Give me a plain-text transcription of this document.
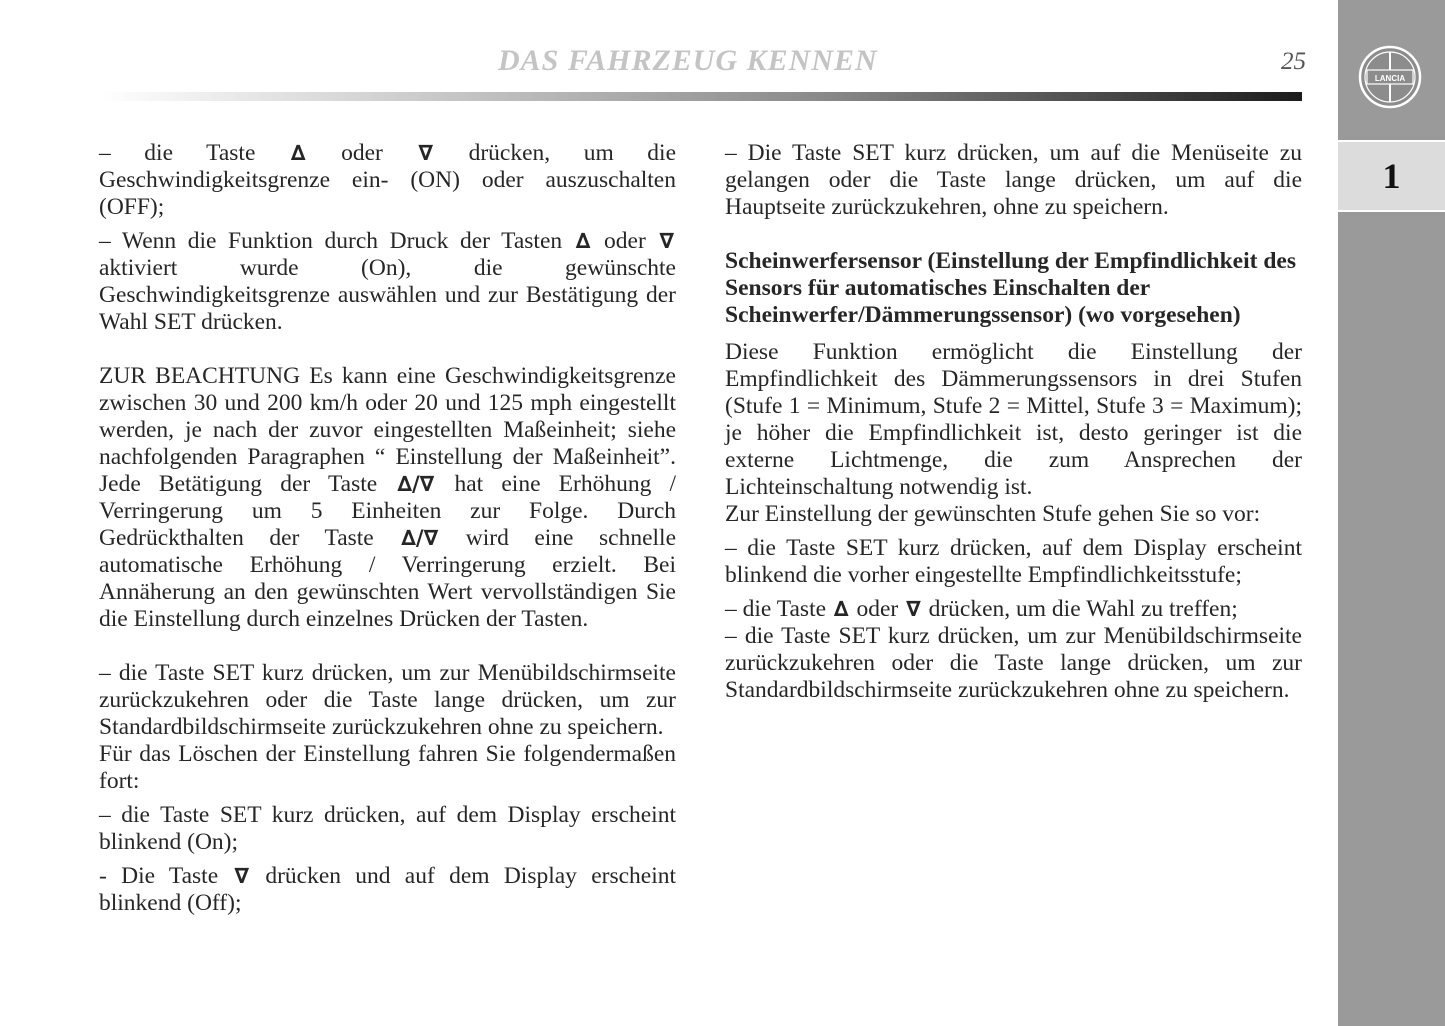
DAS FAHRZEUG KENNEN	25
LANCIA
1

– die Taste ∆ oder ∇ drücken, um die Geschwindigkeitsgrenze ein- (ON) oder auszuschalten (OFF);

– Wenn die Funktion durch Druck der Tasten ∆ oder ∇ aktiviert wurde (On), die gewünschte Geschwindigkeitsgrenze auswählen und zur Bestätigung der Wahl SET drücken.

ZUR BEACHTUNG Es kann eine Geschwindigkeitsgrenze zwischen 30 und 200 km/h oder 20 und 125 mph eingestellt werden, je nach der zuvor eingestellten Maßeinheit; siehe nachfolgenden Paragraphen “ Einstellung der Maßeinheit”. Jede Betätigung der Taste ∆/∇ hat eine Erhöhung / Verringerung um 5 Einheiten zur Folge. Durch Gedrückthalten der Taste ∆/∇ wird eine schnelle automatische Erhöhung / Verringerung erzielt. Bei Annäherung an den gewünschten Wert vervollständigen Sie die Einstellung durch einzelnes Drücken der Tasten.

– die Taste SET kurz drücken, um zur Menübildschirmseite zurückzukehren oder die Taste lange drücken, um zur Standardbildschirmseite zurückzukehren ohne zu speichern.

Für das Löschen der Einstellung fahren Sie folgendermaßen fort:

– die Taste SET kurz drücken, auf dem Display erscheint blinkend (On);

- Die Taste ∇ drücken und auf dem Display erscheint blinkend (Off);

– Die Taste SET kurz drücken, um auf die Menüseite zu gelangen oder die Taste lange drücken, um auf die Hauptseite zurückzukehren, ohne zu speichern.

Scheinwerfersensor (Einstellung der Empfindlichkeit des Sensors für automatisches Einschalten der Scheinwerfer/Dämmerungssensor) (wo vorgesehen)

Diese Funktion ermöglicht die Einstellung der Empfindlichkeit des Dämmerungssensors in drei Stufen (Stufe 1 = Minimum, Stufe 2 = Mittel, Stufe 3 = Maximum); je höher die Empfindlichkeit ist, desto geringer ist die externe Lichtmenge, die zum Ansprechen der Lichteinschaltung notwendig ist.

Zur Einstellung der gewünschten Stufe gehen Sie so vor:

– die Taste SET kurz drücken, auf dem Display erscheint blinkend die vorher eingestellte Empfindlichkeitsstufe;

– die Taste ∆ oder ∇ drücken, um die Wahl zu treffen;

– die Taste SET kurz drücken, um zur Menübildschirmseite zurückzukehren oder die Taste lange drücken, um zur Standardbildschirmseite zurückzukehren ohne zu speichern.
